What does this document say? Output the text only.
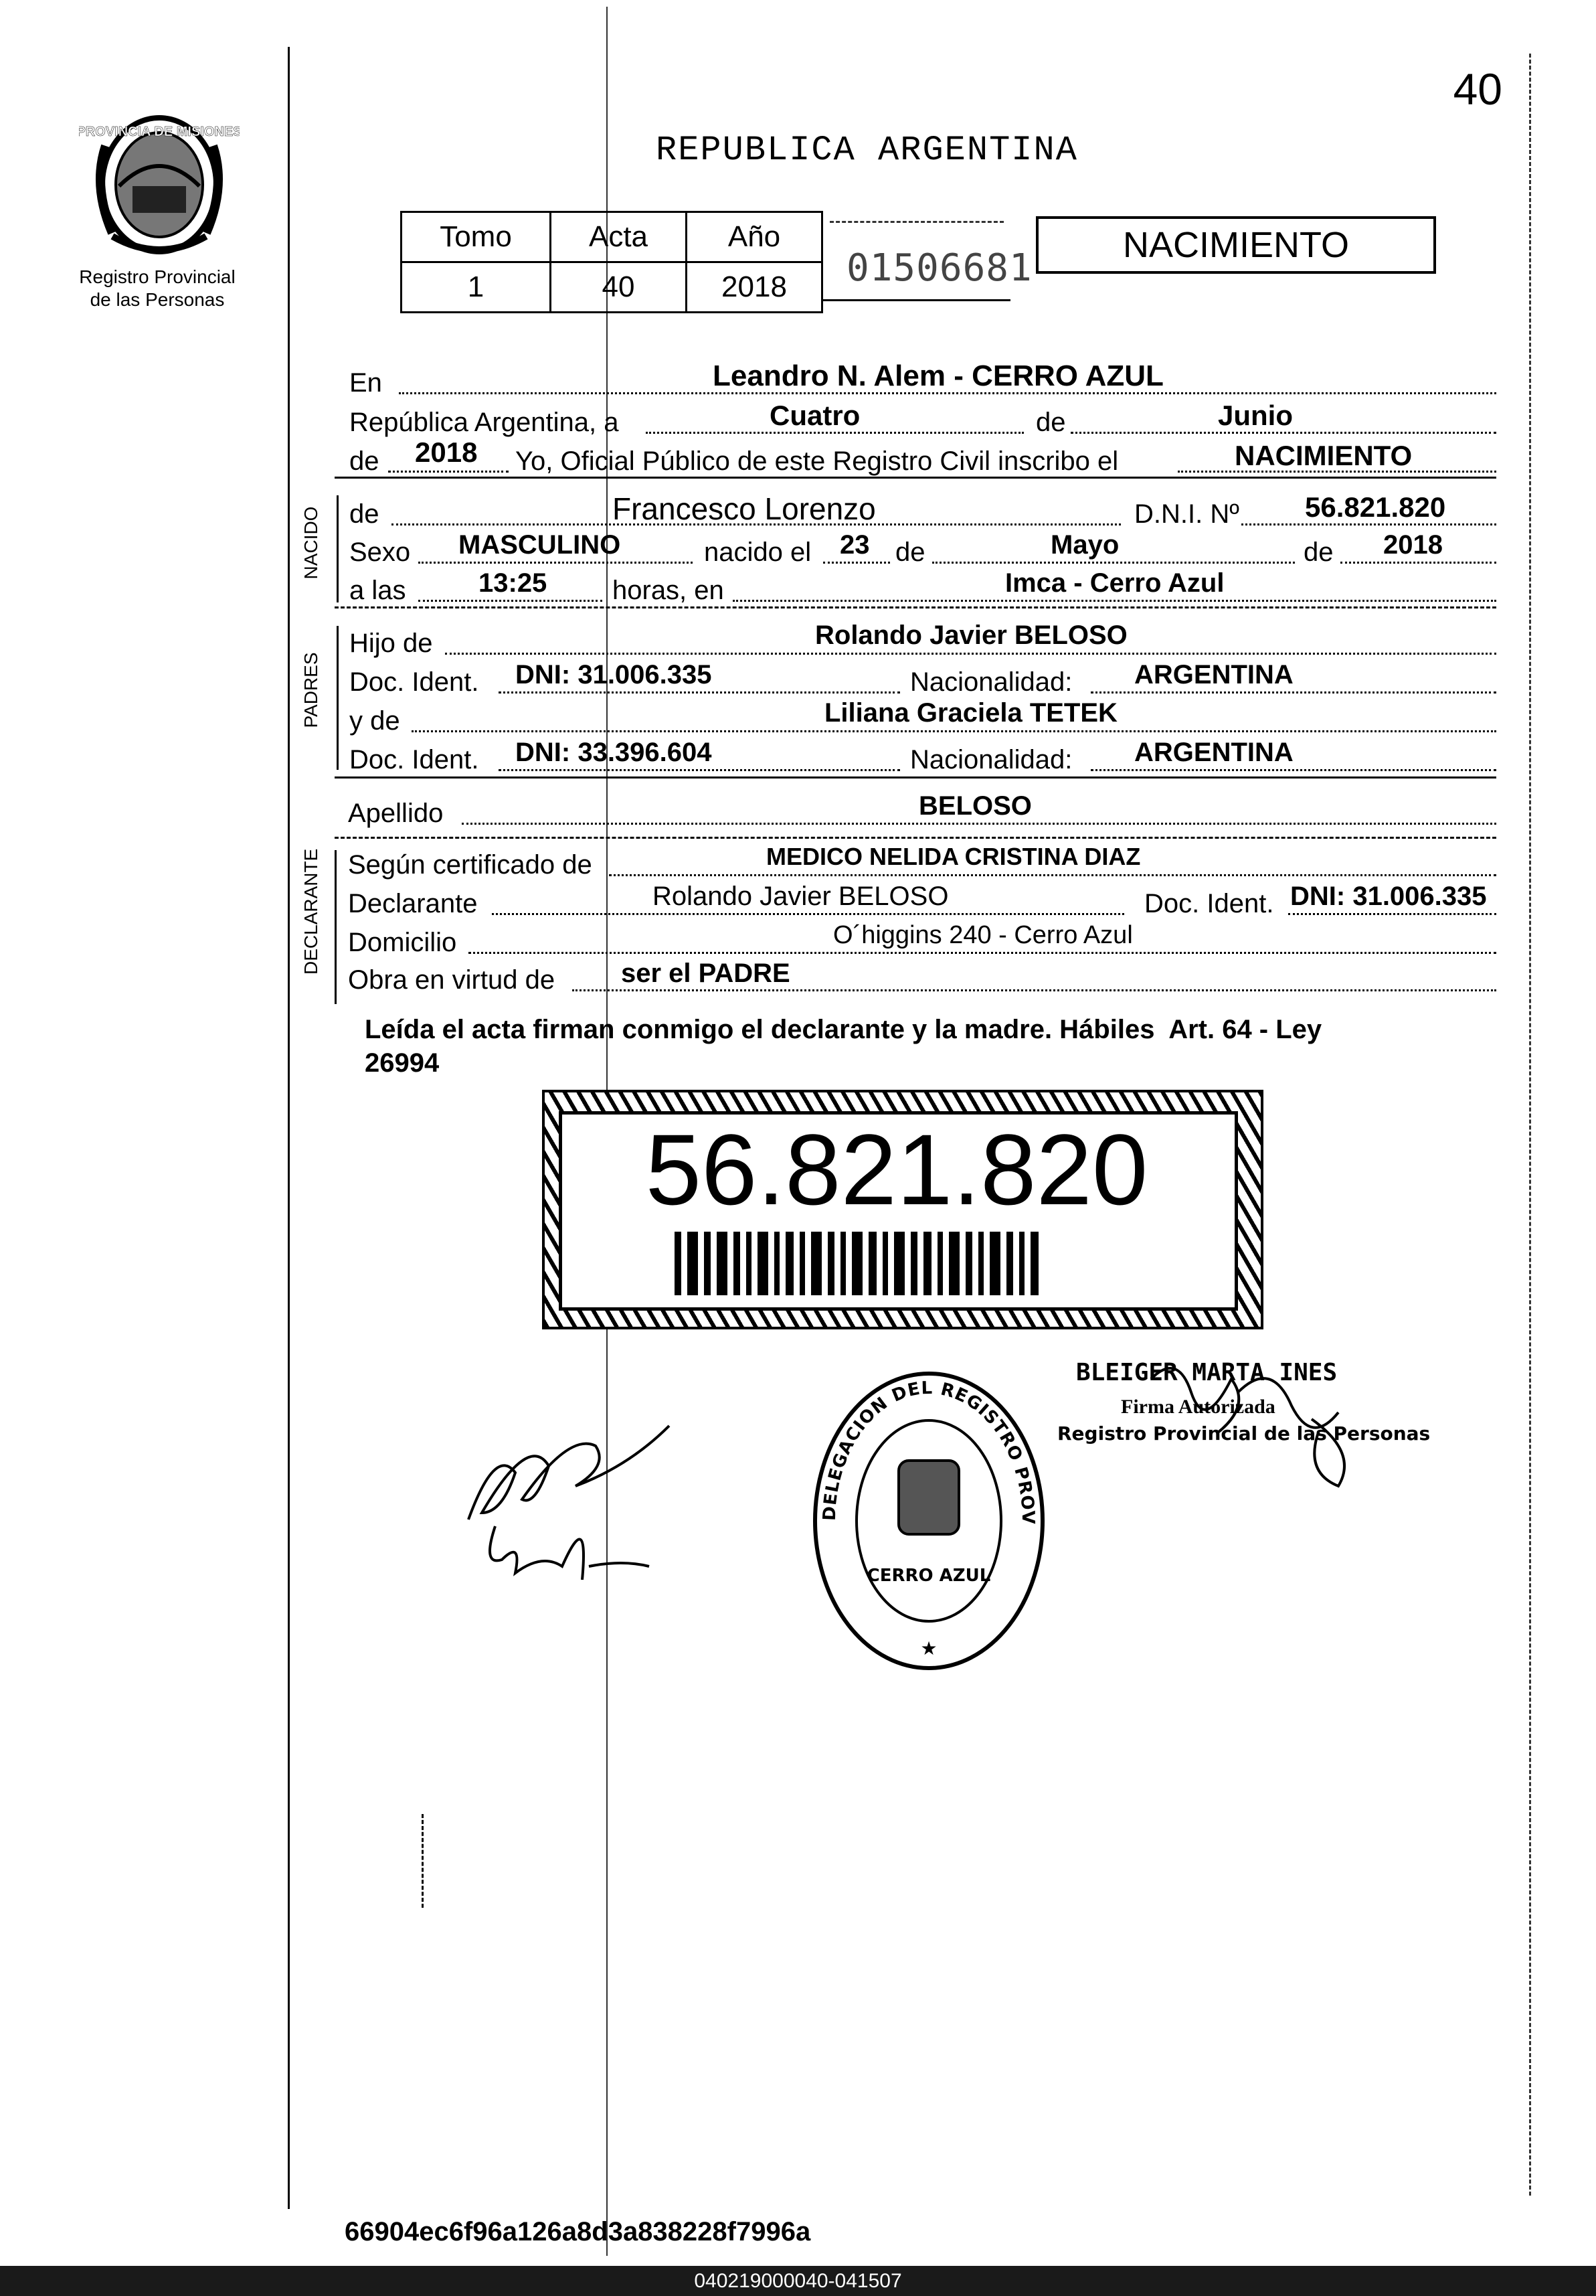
40
PROVINCIA DE MISIONES
Registro Provincial
de las Personas
REPUBLICA ARGENTINA
Tomo	Acta	Año
1	40	2018 01506681
NACIMIENTO
NACIDO
PADRES
DECLARANTE
En	Leandro N. Alem - CERRO AZUL
República Argentina, a	Cuatro	de	Junio
de 2018 Yo, Oficial Público de este Registro Civil inscribo el	NACIMIENTO
de	Francesco Lorenzo	D.N.I. Nº 56.821.820
Sexo MASCULINO	nacido el 23 de	Mayo	de 2018
a las	13:25 horas, en	Imca - Cerro Azul
Hijo de	Rolando Javier BELOSO
Doc. Ident. DNI: 31.006.335	Nacionalidad: ARGENTINA
y de	Liliana Graciela TETEK
Doc. Ident. DNI: 33.396.604	Nacionalidad: ARGENTINA
Apellido	BELOSO
Según certificado de	MEDICO NELIDA CRISTINA DIAZ
Declarante	Rolando Javier BELOSO	Doc. Ident. DNI: 31.006.335
Domicilio	O´higgins 240 - Cerro Azul
Obra en virtud de ser el PADRE
Leída el acta firman conmigo el declarante y la madre. Hábiles  Art. 64 - Ley
26994
56.821.820
BLEIGER MARTA INES
Firma Autorizada
Registro Provincial de las Personas
DELEGACION DEL REGISTRO PROV
CERRO AZUL
★
66904ec6f96a126a8d3a838228f7996a
040219000040-041507
